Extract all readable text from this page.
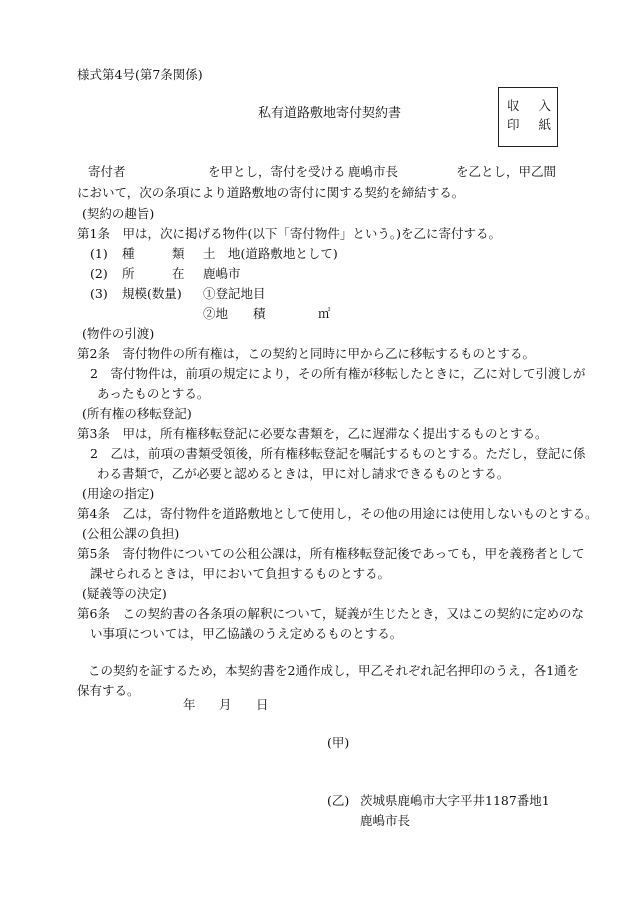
様式第4号(第7条関係)
私有道路敷地寄付契約書
収 入
印 紙
寄付者	を甲とし，寄付を受ける 鹿嶋市長	を乙とし，甲乙間
において，次の条項により道路敷地の寄付に関する契約を締結する。
(契約の趣旨)
第1条　甲は，次に掲げる物件(以下「寄付物件」という。)を乙に寄付する。
(1) 種　　　類 土　地(道路敷地として)
(2) 所　　　在 鹿嶋市
(3) 規模(数量) ①登記地目
②地　　積	㎡
(物件の引渡)
第2条　寄付物件の所有権は，この契約と同時に甲から乙に移転するものとする。
2　寄付物件は，前項の規定により，その所有権が移転したときに，乙に対して引渡しが
あったものとする。
(所有権の移転登記)
第3条　甲は，所有権移転登記に必要な書類を，乙に遅滞なく提出するものとする。
2　乙は，前項の書類受領後，所有権移転登記を嘱託するものとする。ただし，登記に係
わる書類で，乙が必要と認めるときは，甲に対し請求できるものとする。
(用途の指定)
第4条　乙は，寄付物件を道路敷地として使用し，その他の用途には使用しないものとする。
(公租公課の負担)
第5条　寄付物件についての公租公課は，所有権移転登記後であっても，甲を義務者として
課せられるときは，甲において負担するものとする。
(疑義等の決定)
第6条　この契約書の各条項の解釈について，疑義が生じたとき，又はこの契約に定めのな
い事項については，甲乙協議のうえ定めるものとする。
この契約を証するため，本契約書を2通作成し，甲乙それぞれ記名押印のうえ，各1通を
保有する。
年 月 日
(甲)
(乙) 茨城県鹿嶋市大字平井1187番地1
鹿嶋市長
